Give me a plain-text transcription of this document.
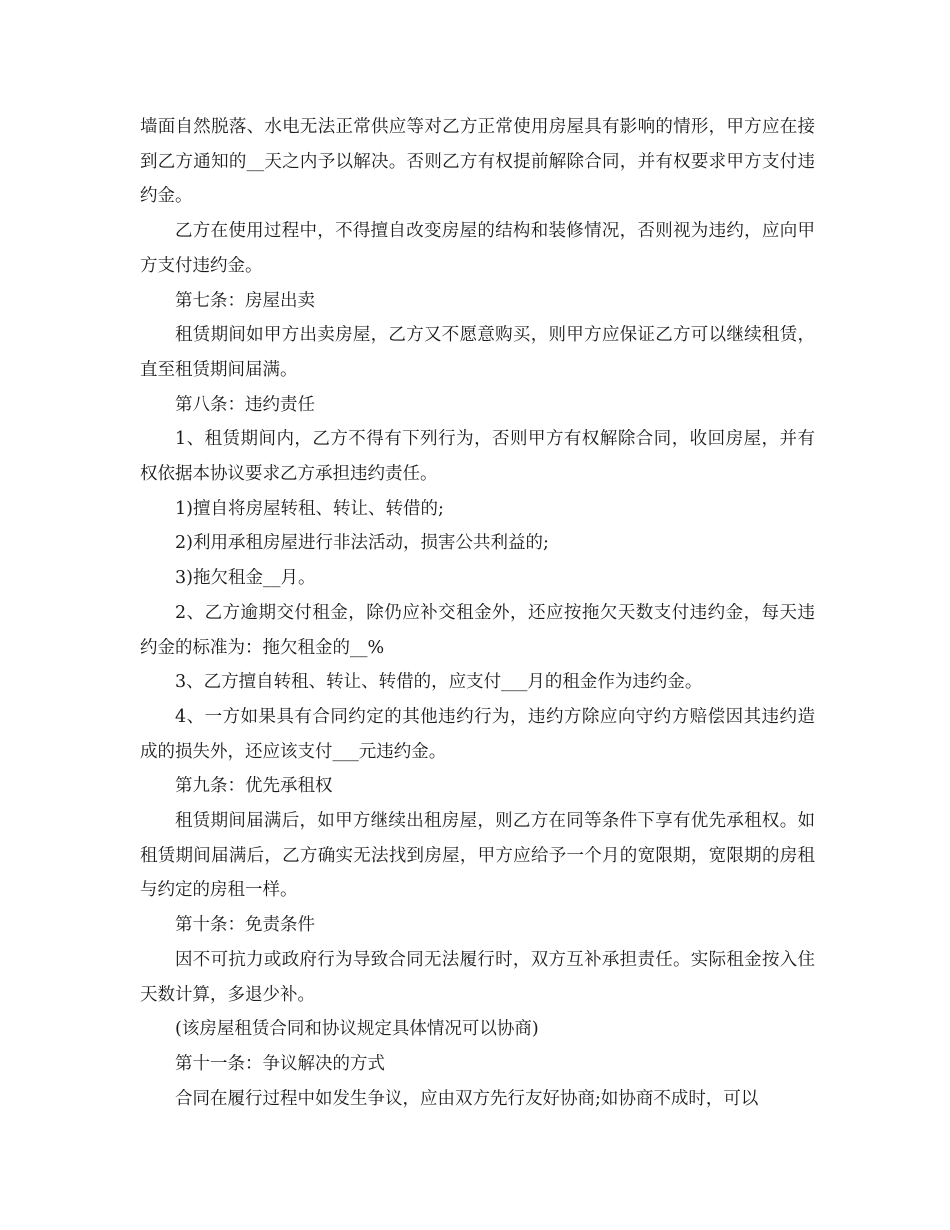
墙面自然脱落、水电无法正常供应等对乙方正常使用房屋具有影响的情形，甲方应在接到乙方通知的__天之内予以解决。否则乙方有权提前解除合同，并有权要求甲方支付违约金。

乙方在使用过程中，不得擅自改变房屋的结构和装修情况，否则视为违约，应向甲方支付违约金。

第七条：房屋出卖

租赁期间如甲方出卖房屋，乙方又不愿意购买，则甲方应保证乙方可以继续租赁，直至租赁期间届满。

第八条：违约责任

1、租赁期间内，乙方不得有下列行为，否则甲方有权解除合同，收回房屋，并有权依据本协议要求乙方承担违约责任。

1)擅自将房屋转租、转让、转借的;

2)利用承租房屋进行非法活动，损害公共利益的;

3)拖欠租金__月。

2、乙方逾期交付租金，除仍应补交租金外，还应按拖欠天数支付违约金，每天违约金的标准为：拖欠租金的__%

3、乙方擅自转租、转让、转借的，应支付___月的租金作为违约金。

4、一方如果具有合同约定的其他违约行为，违约方除应向守约方赔偿因其违约造成的损失外，还应该支付___元违约金。

第九条：优先承租权

租赁期间届满后，如甲方继续出租房屋，则乙方在同等条件下享有优先承租权。如租赁期间届满后，乙方确实无法找到房屋，甲方应给予一个月的宽限期，宽限期的房租与约定的房租一样。

第十条：免责条件

因不可抗力或政府行为导致合同无法履行时，双方互补承担责任。实际租金按入住天数计算，多退少补。

(该房屋租赁合同和协议规定具体情况可以协商)

第十一条：争议解决的方式

合同在履行过程中如发生争议，应由双方先行友好协商;如协商不成时，可以
